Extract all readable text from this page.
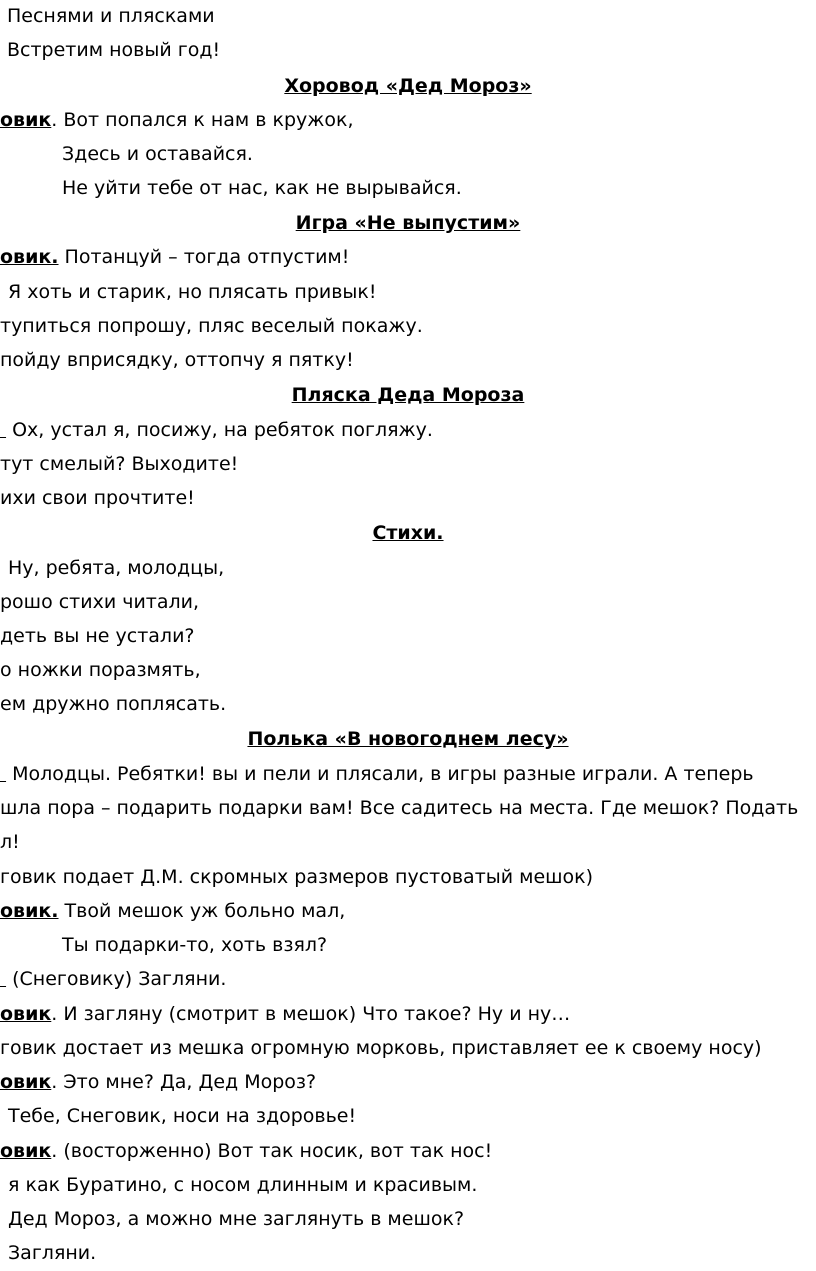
Песнями и плясками
Встретим новый год!
Хоровод «Дед Мороз»
овик. Вот попался к нам в кружок,
Здесь и оставайся.
Не уйти тебе от нас, как не вырывайся.
Игра «Не выпустим»
овик. Потанцуй – тогда отпустим!
Я хоть и старик, но плясать привык!
тупиться попрошу, пляс веселый покажу.
пойду вприсядку, оттопчу я пятку!
Пляска Деда Мороза
Ох, устал я, посижу, на ребяток погляжу.
тут смелый? Выходите!
ихи свои прочтите!
Стихи.
Ну, ребята, молодцы,
рошо стихи читали,
деть вы не устали?
о ножки поразмять,
ем дружно поплясать.
Полька «В новогоднем лесу»
Молодцы. Ребятки! вы и пели и плясали, в игры разные играли. А теперь
шла пора – подарить подарки вам! Все садитесь на места. Где мешок? Подать
л!
говик подает Д.М. скромных размеров пустоватый мешок)
овик. Твой мешок уж больно мал,
Ты подарки-то, хоть взял?
(Снеговику) Загляни.
овик. И загляну (смотрит в мешок) Что такое? Ну и ну…
говик достает из мешка огромную морковь, приставляет ее к своему носу)
овик. Это мне? Да, Дед Мороз?
Тебе, Снеговик, носи на здоровье!
овик. (восторженно) Вот так носик, вот так нос!
я как Буратино, с носом длинным и красивым.
Дед Мороз, а можно мне заглянуть в мешок?
Загляни.
